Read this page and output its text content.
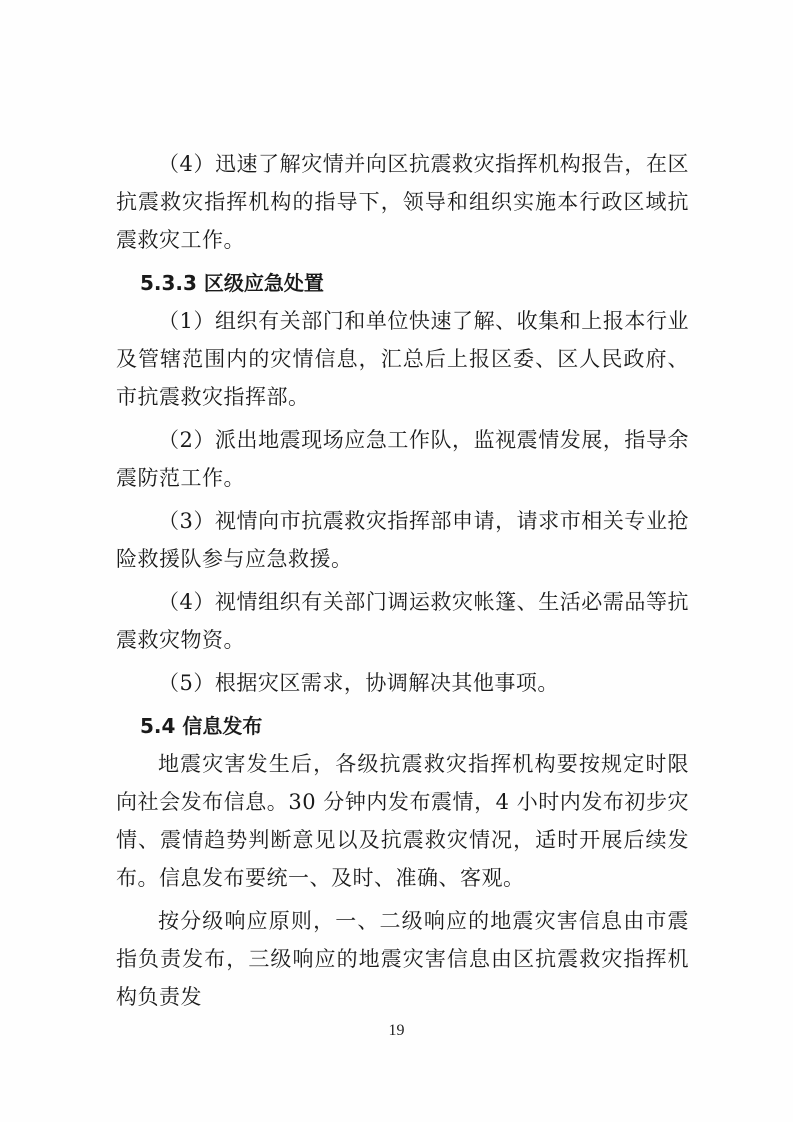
（4）迅速了解灾情并向区抗震救灾指挥机构报告，在区抗震救灾指挥机构的指导下，领导和组织实施本行政区域抗震救灾工作。

5.3.3 区级应急处置

（1）组织有关部门和单位快速了解、收集和上报本行业及管辖范围内的灾情信息，汇总后上报区委、区人民政府、市抗震救灾指挥部。

（2）派出地震现场应急工作队，监视震情发展，指导余震防范工作。

（3）视情向市抗震救灾指挥部申请，请求市相关专业抢险救援队参与应急救援。

（4）视情组织有关部门调运救灾帐篷、生活必需品等抗震救灾物资。

（5）根据灾区需求，协调解决其他事项。

5.4 信息发布

地震灾害发生后，各级抗震救灾指挥机构要按规定时限向社会发布信息。30 分钟内发布震情，4 小时内发布初步灾情、震情趋势判断意见以及抗震救灾情况，适时开展后续发布。信息发布要统一、及时、准确、客观。

按分级响应原则，一、二级响应的地震灾害信息由市震指负责发布，三级响应的地震灾害信息由区抗震救灾指挥机构负责发

19
